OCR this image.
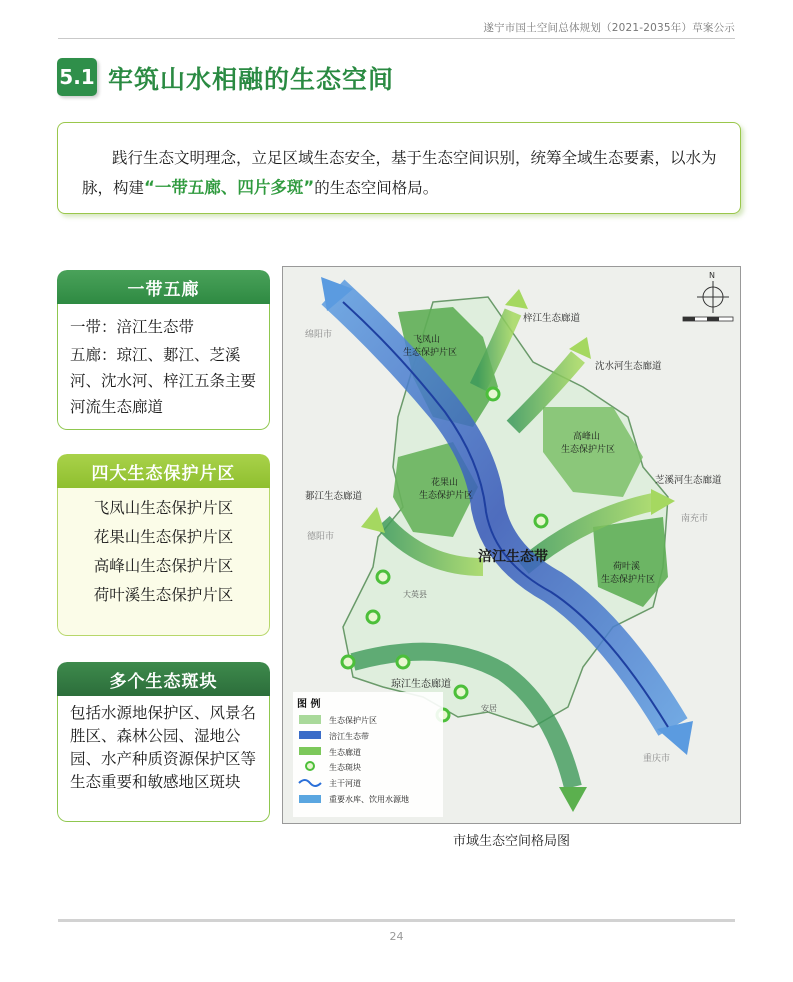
遂宁市国土空间总体规划（2021-2035年）草案公示
5.1 牢筑山水相融的生态空间
践行生态文明理念，立足区域生态安全，基于生态空间识别，统筹全域生态要素，以水为脉，构建“一带五廊、四片多斑”的生态空间格局。
一带五廊
一带：涪江生态带
五廊：琼江、郪江、芝溪河、沈水河、梓江五条主要河流生态廊道
四大生态保护片区
飞凤山生态保护片区
花果山生态保护片区
高峰山生态保护片区
荷叶溪生态保护片区
多个生态斑块
包括水源地保护区、风景名胜区、森林公园、湿地公园、水产种质资源保护区等生态重要和敏感地区斑块
梓江生态廊道
沈水河生态廊道
芝溪河生态廊道
郪江生态廊道
琼江生态廊道
涪江生态带
飞凤山
生态保护片区
高峰山
生态保护片区
花果山
生态保护片区
荷叶溪
生态保护片区
绵阳市
德阳市
南充市
重庆市
大英县
安居
N
图 例
生态保护片区
涪江生态带
生态廊道
生态斑块
主干河道
重要水库、饮用水源地
市域生态空间格局图
24
